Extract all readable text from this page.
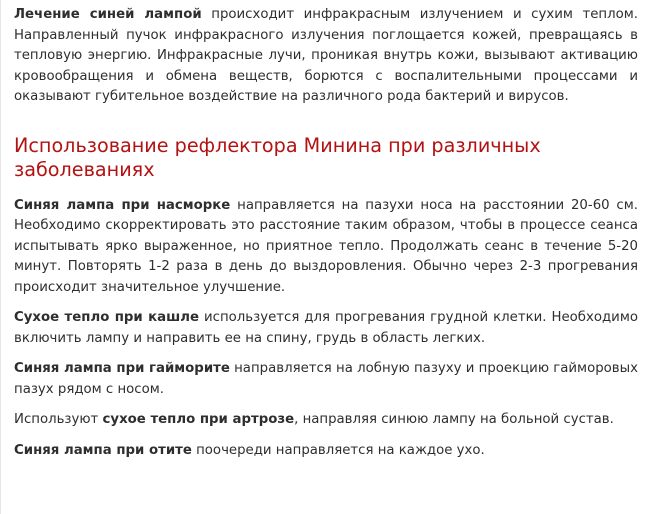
Лечение синей лампой происходит инфракрасным излучением и сухим теплом. Направленный пучок инфракрасного излучения поглощается кожей, превращаясь в тепловую энергию. Инфракрасные лучи, проникая внутрь кожи, вызывают активацию кровообращения и обмена веществ, борются с воспалительными процессами и оказывают губительное воздействие на различного рода бактерий и вирусов.

Использование рефлектора Минина при различных заболеваниях

Синяя лампа при насморке направляется на пазухи носа на расстоянии 20-60 см. Необходимо скорректировать это расстояние таким образом, чтобы в процессе сеанса испытывать ярко выраженное, но приятное тепло. Продолжать сеанс в течение 5-20 минут. Повторять 1-2 раза в день до выздоровления. Обычно через 2-3 прогревания происходит значительное улучшение.

Сухое тепло при кашле используется для прогревания грудной клетки. Необходимо включить лампу и направить ее на спину, грудь в область легких.

Синяя лампа при гайморите направляется на лобную пазуху и проекцию гайморовых пазух рядом с носом.

Используют сухое тепло при артрозе, направляя синюю лампу на больной сустав.

Синяя лампа при отите поочереди направляется на каждое ухо.
